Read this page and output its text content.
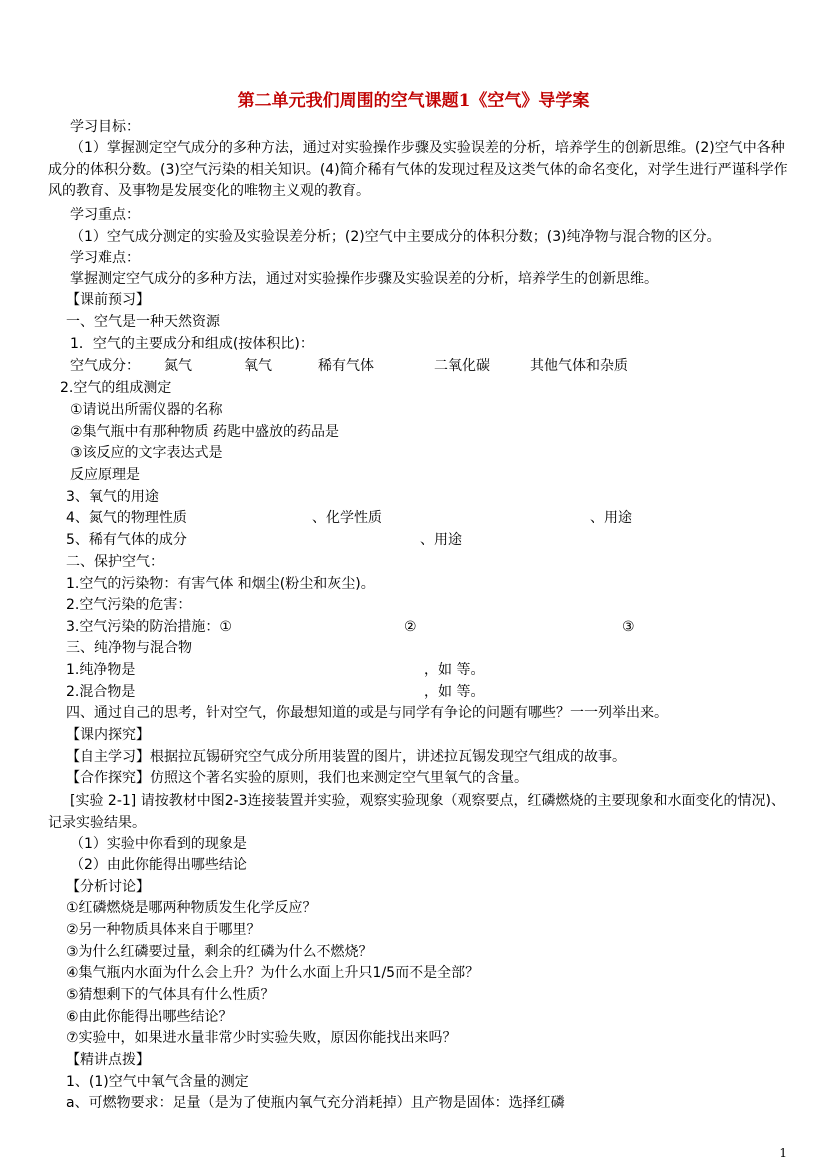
第二单元我们周围的空气课题1《空气》导学案
学习目标：
（1）掌握测定空气成分的多种方法，通过对实验操作步骤及实验误差的分析，培养学生的创新思维。(2)空气中各种成分的体积分数。(3)空气污染的相关知识。(4)简介稀有气体的发现过程及这类气体的命名变化，对学生进行严谨科学作风的教育、及事物是发展变化的唯物主义观的教育。
学习重点：
（1）空气成分测定的实验及实验误差分析；(2)空气中主要成分的体积分数；(3)纯净物与混合物的区分。
学习难点：
掌握测定空气成分的多种方法，通过对实验操作步骤及实验误差的分析，培养学生的创新思维。
【课前预习】
一、空气是一种天然资源
1．空气的主要成分和组成(按体积比)：
空气成分： 氮气	氧气	稀有气体	二氧化碳	其他气体和杂质
2.空气的组成测定
①请说出所需仪器的名称
②集气瓶中有那种物质 药匙中盛放的药品是
③该反应的文字表达式是
反应原理是
3、氧气的用途
4、氮气的物理性质	、化学性质	、用途
5、稀有气体的成分	、用途
二、保护空气：
1.空气的污染物：有害气体 和烟尘(粉尘和灰尘)。
2.空气污染的危害：
3.空气污染的防治措施：①	②	③
三、纯净物与混合物
1.纯净物是	，如 等。
2.混合物是	，如 等。
四、通过自己的思考，针对空气，你最想知道的或是与同学有争论的问题有哪些？一一列举出来。
【课内探究】
【自主学习】根据拉瓦锡研究空气成分所用装置的图片，讲述拉瓦锡发现空气组成的故事。
【合作探究】仿照这个著名实验的原则，我们也来测定空气里氧气的含量。
[实验 2-1] 请按教材中图2-3连接装置并实验，观察实验现象（观察要点，红磷燃烧的主要现象和水面变化的情况)、记录实验结果。
（1）实验中你看到的现象是
（2）由此你能得出哪些结论
【分析讨论】
①红磷燃烧是哪两种物质发生化学反应？
②另一种物质具体来自于哪里？
③为什么红磷要过量，剩余的红磷为什么不燃烧？
④集气瓶内水面为什么会上升？为什么水面上升只1/5而不是全部？
⑤猜想剩下的气体具有什么性质？
⑥由此你能得出哪些结论？
⑦实验中，如果进水量非常少时实验失败，原因你能找出来吗？
【精讲点拨】
1、(1)空气中氧气含量的测定
a、可燃物要求：足量（是为了使瓶内氧气充分消耗掉）且产物是固体：选择红磷
1
